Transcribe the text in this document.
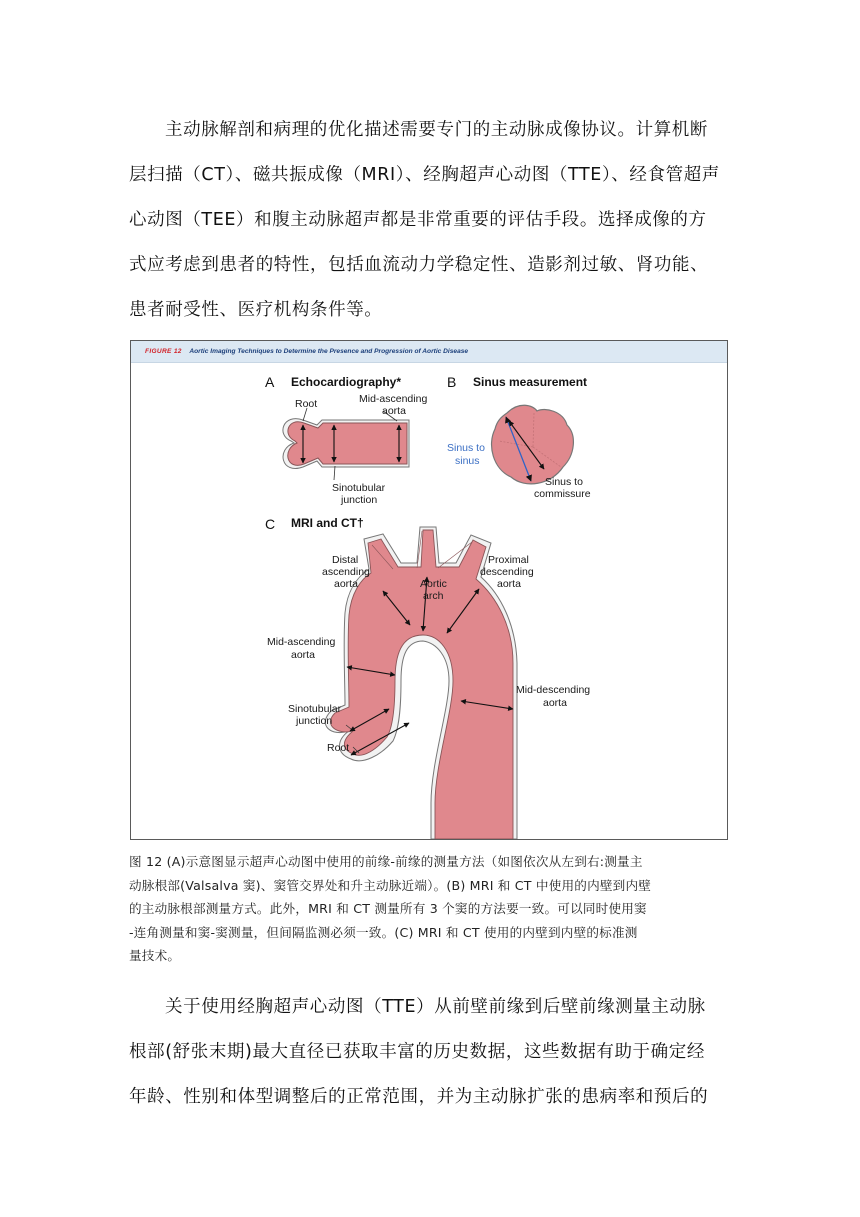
主动脉解剖和病理的优化描述需要专门的主动脉成像协议。计算机断
层扫描（CT）、磁共振成像（MRI）、经胸超声心动图（TTE）、经食管超声
心动图（TEE）和腹主动脉超声都是非常重要的评估手段。选择成像的方
式应考虑到患者的特性，包括血流动力学稳定性、造影剂过敏、肾功能、
患者耐受性、医疗机构条件等。
FIGURE 12 Aortic Imaging Techniques to Determine the Presence and Progression of Aortic Disease
A Echocardiography*
Root	Mid-ascending
aorta
Sinotubular
junction
B Sinus measurement
Sinus to
sinus
Sinus to
commissure
C MRI and CT†
Distal
ascending
aorta	Aortic
arch
Proximal
descending
aorta
Mid-ascending
aorta
Mid-descending
aorta
Sinotubular
junction
Root
图 12 (A)示意图显示超声心动图中使用的前缘-前缘的测量方法（如图依次从左到右:测量主
动脉根部(Valsalva 窦)、窦管交界处和升主动脉近端）。(B) MRI 和 CT 中使用的内壁到内壁
的主动脉根部测量方式。此外，MRI 和 CT 测量所有 3 个窦的方法要一致。可以同时使用窦
-连角测量和窦-窦测量，但间隔监测必须一致。(C) MRI 和 CT 使用的内壁到内壁的标准测
量技术。
关于使用经胸超声心动图（TTE）从前壁前缘到后壁前缘测量主动脉
根部(舒张末期)最大直径已获取丰富的历史数据，这些数据有助于确定经
年龄、性别和体型调整后的正常范围，并为主动脉扩张的患病率和预后的
